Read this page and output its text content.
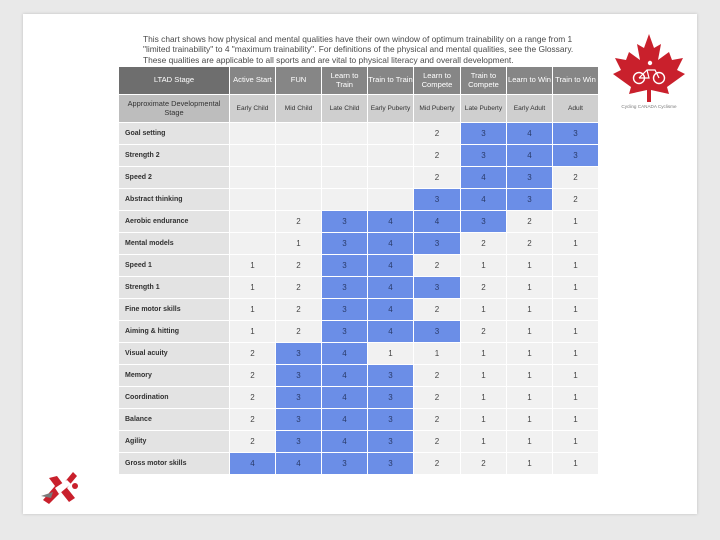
This chart shows how physical and mental qualities have their own window of optimum trainability on a range from 1 "limited trainability" to 4 "maximum trainability". For definitions of the physical and mental qualities, see the Glossary. These qualities are applicable to all sports and are vital to physical literacy and overall development.

Cycling CANADA Cyclisme
LTAD Stage	Active Start	FUN	Learn to Train	Train to Train	Learn to Compete	Train to Compete	Learn to Win	Train to Win
Approximate Developmental Stage	Early Child	Mid Child	Late Child	Early Puberty	Mid Puberty	Late Puberty	Early Adult	Adult
Goal setting					2	3	4	3
Strength 2					2	3	4	3
Speed 2					2	4	3	2
Abstract thinking					3	4	3	2
Aerobic endurance		2	3	4	4	3	2	1
Mental models		1	3	4	3	2	2	1
Speed 1	1	2	3	4	2	1	1	1
Strength 1	1	2	3	4	3	2	1	1
Fine motor skills	1	2	3	4	2	1	1	1
Aiming & hitting	1	2	3	4	3	2	1	1
Visual acuity	2	3	4	1	1	1	1	1
Memory	2	3	4	3	2	1	1	1
Coordination	2	3	4	3	2	1	1	1
Balance	2	3	4	3	2	1	1	1
Agility	2	3	4	3	2	1	1	1
Gross motor skills	4	4	3	3	2	2	1	1
